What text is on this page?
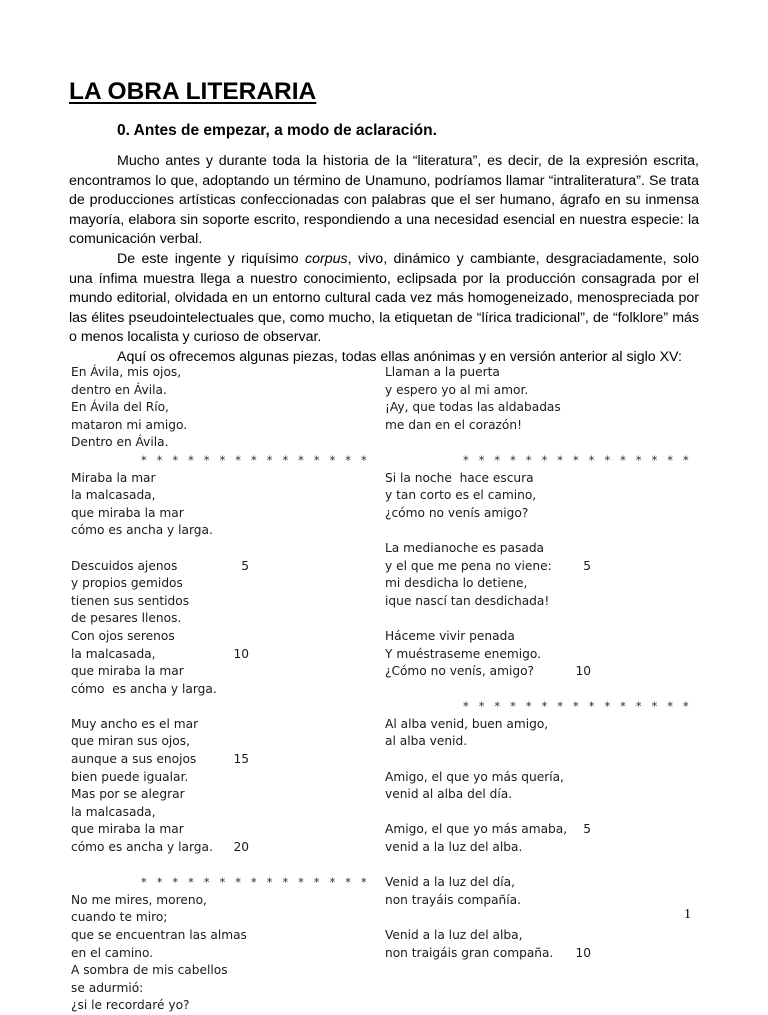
LA OBRA LITERARIA
0. Antes de empezar, a modo de aclaración.

Mucho antes y durante toda la historia de la “literatura”, es decir, de la expresión escrita, encontramos lo que, adoptando un término de Unamuno, podríamos llamar “intraliteratura”. Se trata de producciones artísticas confeccionadas con palabras que el ser humano, ágrafo en su inmensa mayoría, elabora sin soporte escrito, respondiendo a una necesidad esencial en nuestra especie: la comunicación verbal.

De este ingente y riquísimo corpus, vivo, dinámico y cambiante, desgraciadamente, solo una ínfima muestra llega a nuestro conocimiento, eclipsada por la producción consagrada por el mundo editorial, olvidada en un entorno cultural cada vez más homogeneizado, menospreciada por las élites pseudointelectuales que, como mucho, la etiquetan de “lírica tradicional”, de “folklore” más o menos localista y curioso de observar.

Aquí os ofrecemos algunas piezas, todas ellas anónimas y en versión anterior al siglo XV:

En Ávila, mis ojos,
dentro en Ávila.
En Ávila del Río,
mataron mi amigo.
Dentro en Ávila.
* * * * * * * * * * * * * * *
Miraba la mar
la malcasada,
que miraba la mar
cómo es ancha y larga.
Descuidos ajenos	5
y propios gemidos
tienen sus sentidos
de pesares llenos.
Con ojos serenos
la malcasada,	10
que miraba la mar
cómo  es ancha y larga.
Muy ancho es el mar
que miran sus ojos,
aunque a sus enojos	15
bien puede igualar.
Mas por se alegrar
la malcasada,
que miraba la mar
cómo es ancha y larga.	20
* * * * * * * * * * * * * * *
No me mires, moreno,
cuando te miro;
que se encuentran las almas
en el camino.
A sombra de mis cabellos
se adurmió:
¿si le recordaré yo?
Llaman a la puerta
y espero yo al mi amor.
¡Ay, que todas las aldabadas
me dan en el corazón!
* * * * * * * * * * * * * * *
Si la noche  hace escura
y tan corto es el camino,
¿cómo no venís amigo?
La medianoche es pasada
y el que me pena no viene:	5
mi desdicha lo detiene,
ique nascí tan desdichada!
Háceme vivir penada
Y muéstraseme enemigo.
¿Cómo no venís, amigo?	10
* * * * * * * * * * * * * * *
Al alba venid, buen amigo,
al alba venid.
Amigo, el que yo más quería,
venid al alba del día.
Amigo, el que yo más amaba,	5
venid a la luz del alba.
Venid a la luz del día,
non trayáis compañía.
Venid a la luz del alba,
non traigáis gran compaña.	10
1
